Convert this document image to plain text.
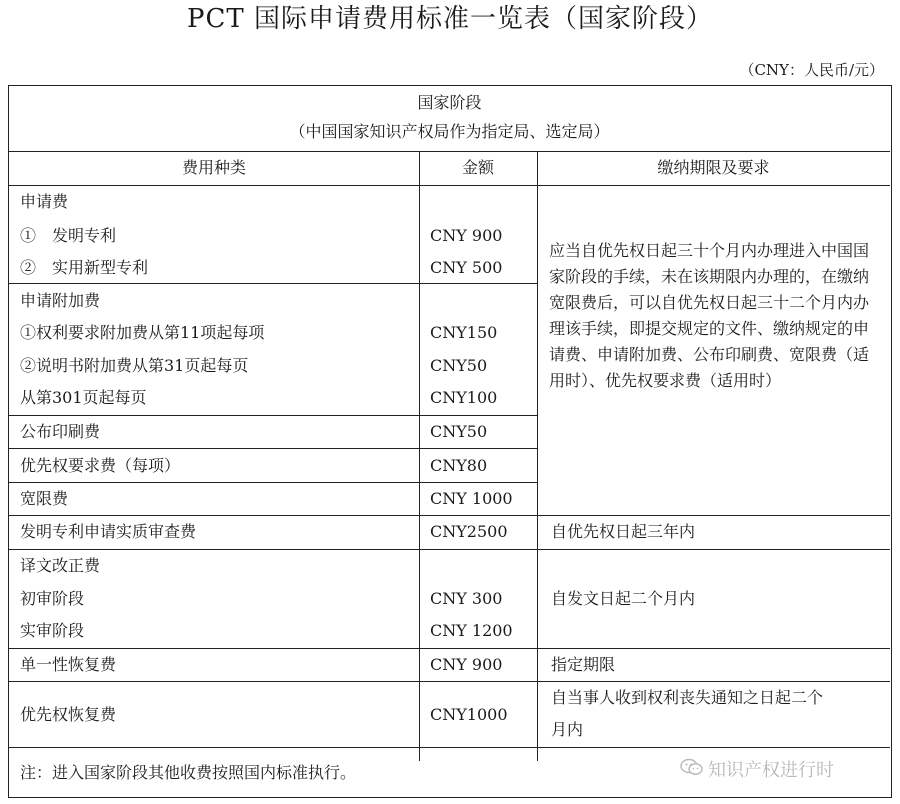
PCT 国际申请费用标准一览表（国家阶段）
（CNY：人民币/元）
国家阶段
（中国国家知识产权局作为指定局、选定局）
费用种类	金额	缴纳期限及要求
申请费
①　发明专利	CNY 900
②　实用新型专利	CNY 500
申请附加费
①权利要求附加费从第11项起每项	CNY150
②说明书附加费从第31页起每页	CNY50
从第301页起每页	CNY100
公布印刷费	CNY50
优先权要求费（每项）	CNY80
宽限费	CNY 1000
应当自优先权日起三十个月内办理进入中国国家阶段的手续，未在该期限内办理的，在缴纳宽限费后，可以自优先权日起三十二个月内办理该手续，即提交规定的文件、缴纳规定的申请费、申请附加费、公布印刷费、宽限费（适用时）、优先权要求费（适用时）
发明专利申请实质审查费	CNY2500	自优先权日起三年内
译文改正费
初审阶段	CNY 300	自发文日起二个月内
实审阶段	CNY 1200
单一性恢复费	CNY 900	指定期限
优先权恢复费	CNY1000
自当事人收到权利丧失通知之日起二个
月内
注：进入国家阶段其他收费按照国内标准执行。	知识产权进行时
